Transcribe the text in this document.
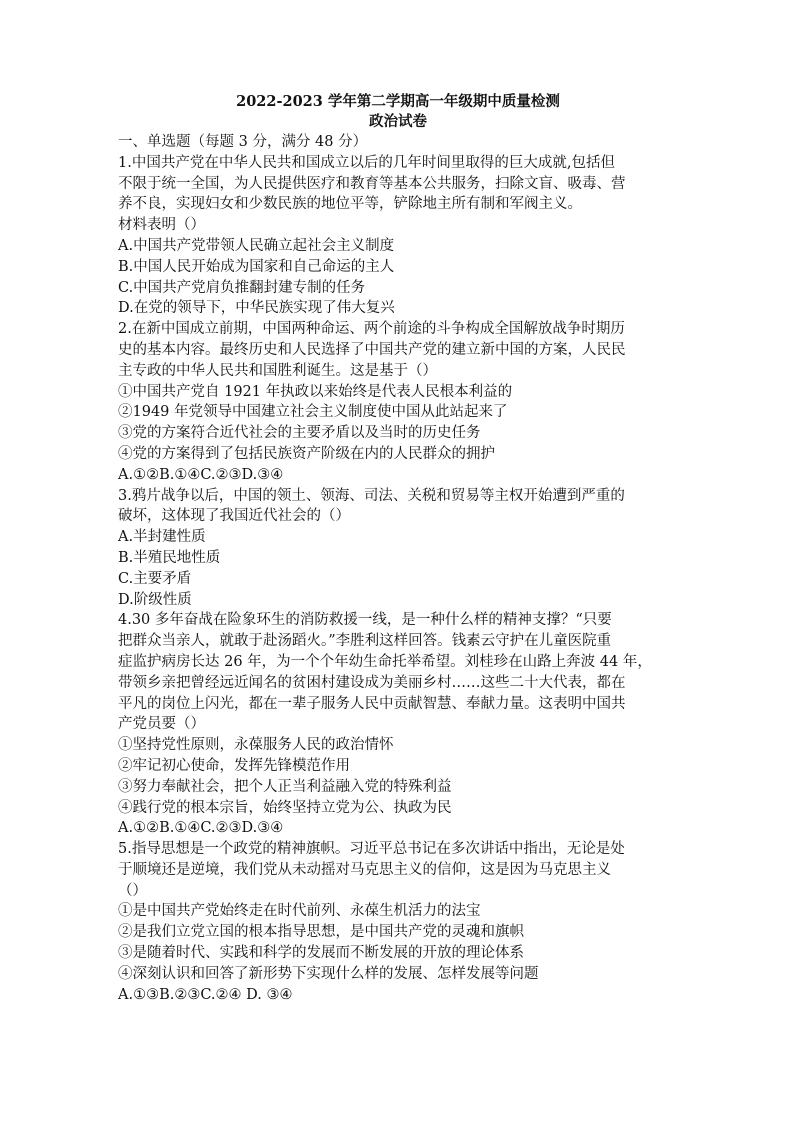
2022-2023 学年第二学期高一年级期中质量检测

政治试卷

一、单选题（每题 3 分，满分 48 分）

1.中国共产党在中华人民共和国成立以后的几年时间里取得的巨大成就,包括但

不限于统一全国，为人民提供医疗和教育等基本公共服务，扫除文盲、吸毒、营

养不良，实现妇女和少数民族的地位平等，铲除地主所有制和军阀主义。

材料表明（）

A.中国共产党带领人民确立起社会主义制度

B.中国人民开始成为国家和自己命运的主人

C.中国共产党肩负推翻封建专制的任务

D.在党的领导下，中华民族实现了伟大复兴

2.在新中国成立前期，中国两种命运、两个前途的斗争构成全国解放战争时期历

史的基本内容。最终历史和人民选择了中国共产党的建立新中国的方案，人民民

主专政的中华人民共和国胜利诞生。这是基于（）

①中国共产党自 1921 年执政以来始终是代表人民根本利益的

②1949 年党领导中国建立社会主义制度使中国从此站起来了

③党的方案符合近代社会的主要矛盾以及当时的历史任务

④党的方案得到了包括民族资产阶级在内的人民群众的拥护

A.①②B.①④C.②③D.③④

3.鸦片战争以后，中国的领土、领海、司法、关税和贸易等主权开始遭到严重的

破坏，这体现了我国近代社会的（）

A.半封建性质

B.半殖民地性质

C.主要矛盾

D.阶级性质

4.30 多年奋战在险象环生的消防救援一线，是一种什么样的精神支撑？“只要

把群众当亲人，就敢于赴汤蹈火。”李胜利这样回答。钱素云守护在儿童医院重

症监护病房长达 26 年，为一个个年幼生命托举希望。刘桂珍在山路上奔波 44 年，

带领乡亲把曾经远近闻名的贫困村建设成为美丽乡村……这些二十大代表，都在

平凡的岗位上闪光，都在一辈子服务人民中贡献智慧、奉献力量。这表明中国共

产党员要（）

①坚持党性原则，永葆服务人民的政治情怀

②牢记初心使命，发挥先锋模范作用

③努力奉献社会，把个人正当利益融入党的特殊利益

④践行党的根本宗旨，始终坚持立党为公、执政为民

A.①②B.①④C.②③D.③④

5.指导思想是一个政党的精神旗帜。习近平总书记在多次讲话中指出，无论是处

于顺境还是逆境，我们党从未动摇对马克思主义的信仰，这是因为马克思主义

（）

①是中国共产党始终走在时代前列、永葆生机活力的法宝

②是我们立党立国的根本指导思想，是中国共产党的灵魂和旗帜

③是随着时代、实践和科学的发展而不断发展的开放的理论体系

④深刻认识和回答了新形势下实现什么样的发展、怎样发展等问题

A.①③B.②③C.②④ D. ③④
